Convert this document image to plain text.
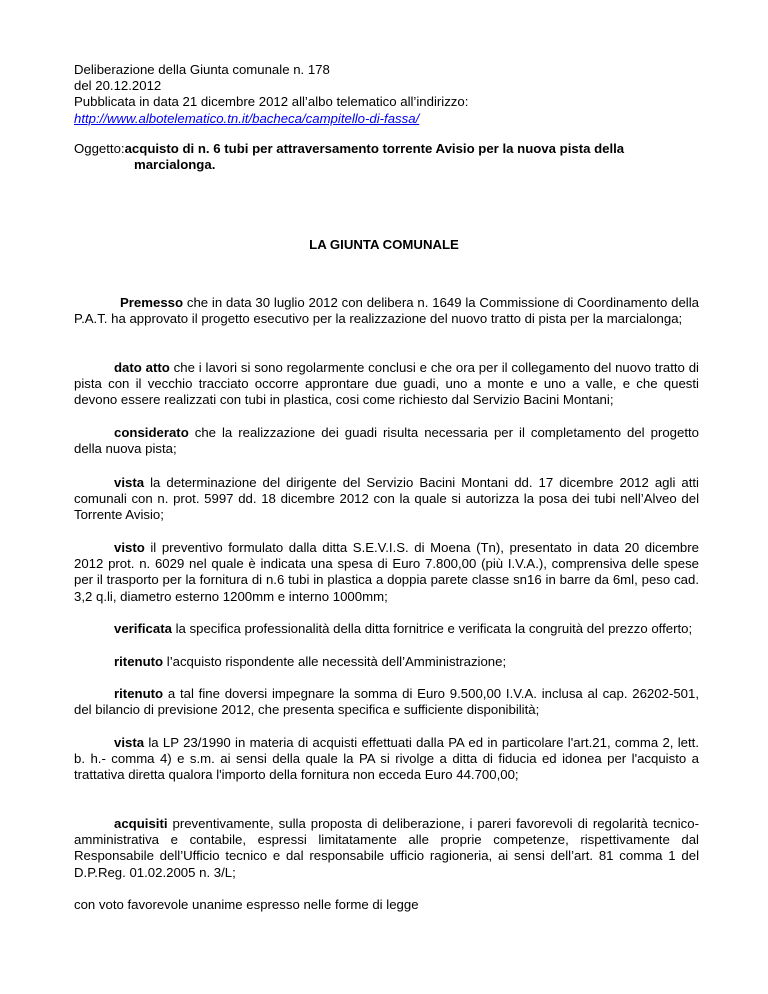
Deliberazione della Giunta comunale n. 178

del 20.12.2012

Pubblicata in data 21 dicembre 2012 all’albo telematico all’indirizzo:

http://www.albotelematico.tn.it/bacheca/campitello-di-fassa/

Oggetto: acquisto di n. 6 tubi per attraversamento torrente Avisio per la nuova pista della
marcialonga.
LA GIUNTA COMUNALE

Premesso che in data 30 luglio 2012 con delibera n. 1649 la Commissione di Coordinamento della P.A.T. ha approvato il progetto esecutivo per la realizzazione del nuovo tratto di pista per la marcialonga;

dato atto che i lavori si sono regolarmente conclusi e che ora per il collegamento del nuovo tratto di pista con il vecchio tracciato occorre approntare due guadi, uno a monte e uno a valle, e che questi devono essere realizzati con tubi in plastica, cosi come richiesto dal Servizio Bacini Montani;

considerato che la realizzazione dei guadi risulta necessaria per il completamento del progetto della nuova pista;

vista la determinazione del dirigente del Servizio Bacini Montani dd. 17 dicembre 2012 agli atti comunali con n. prot. 5997 dd. 18 dicembre 2012 con la quale si autorizza la posa dei tubi nell’Alveo del Torrente Avisio;

visto il preventivo formulato dalla ditta S.E.V.I.S. di Moena (Tn), presentato in data 20 dicembre 2012 prot. n. 6029 nel quale è indicata una spesa di Euro 7.800,00 (più I.V.A.), comprensiva delle spese per il trasporto per la fornitura di n.6 tubi in plastica a doppia parete classe sn16 in barre da 6ml, peso cad. 3,2 q.li, diametro esterno 1200mm e interno 1000mm;

verificata la specifica professionalità della ditta fornitrice e verificata la congruità del prezzo offerto;

ritenuto l’acquisto rispondente alle necessità dell’Amministrazione;

ritenuto a tal fine doversi impegnare la somma di Euro 9.500,00 I.V.A. inclusa al cap. 26202-501, del bilancio di previsione 2012, che presenta specifica e sufficiente disponibilità;

vista la LP 23/1990 in materia di acquisti effettuati dalla PA ed in particolare l'art.21, comma 2, lett. b. h.- comma 4) e s.m. ai sensi della quale la PA si rivolge a ditta di fiducia ed idonea per l'acquisto a trattativa diretta qualora l'importo della fornitura non ecceda Euro 44.700,00;

acquisiti preventivamente, sulla proposta di deliberazione, i pareri favorevoli di regolarità tecnico-amministrativa e contabile, espressi limitatamente alle proprie competenze, rispettivamente dal Responsabile dell’Ufficio tecnico e dal responsabile ufficio ragioneria, ai sensi dell’art. 81 comma 1 del D.P.Reg. 01.02.2005 n. 3/L;

con voto favorevole unanime espresso nelle forme di legge
